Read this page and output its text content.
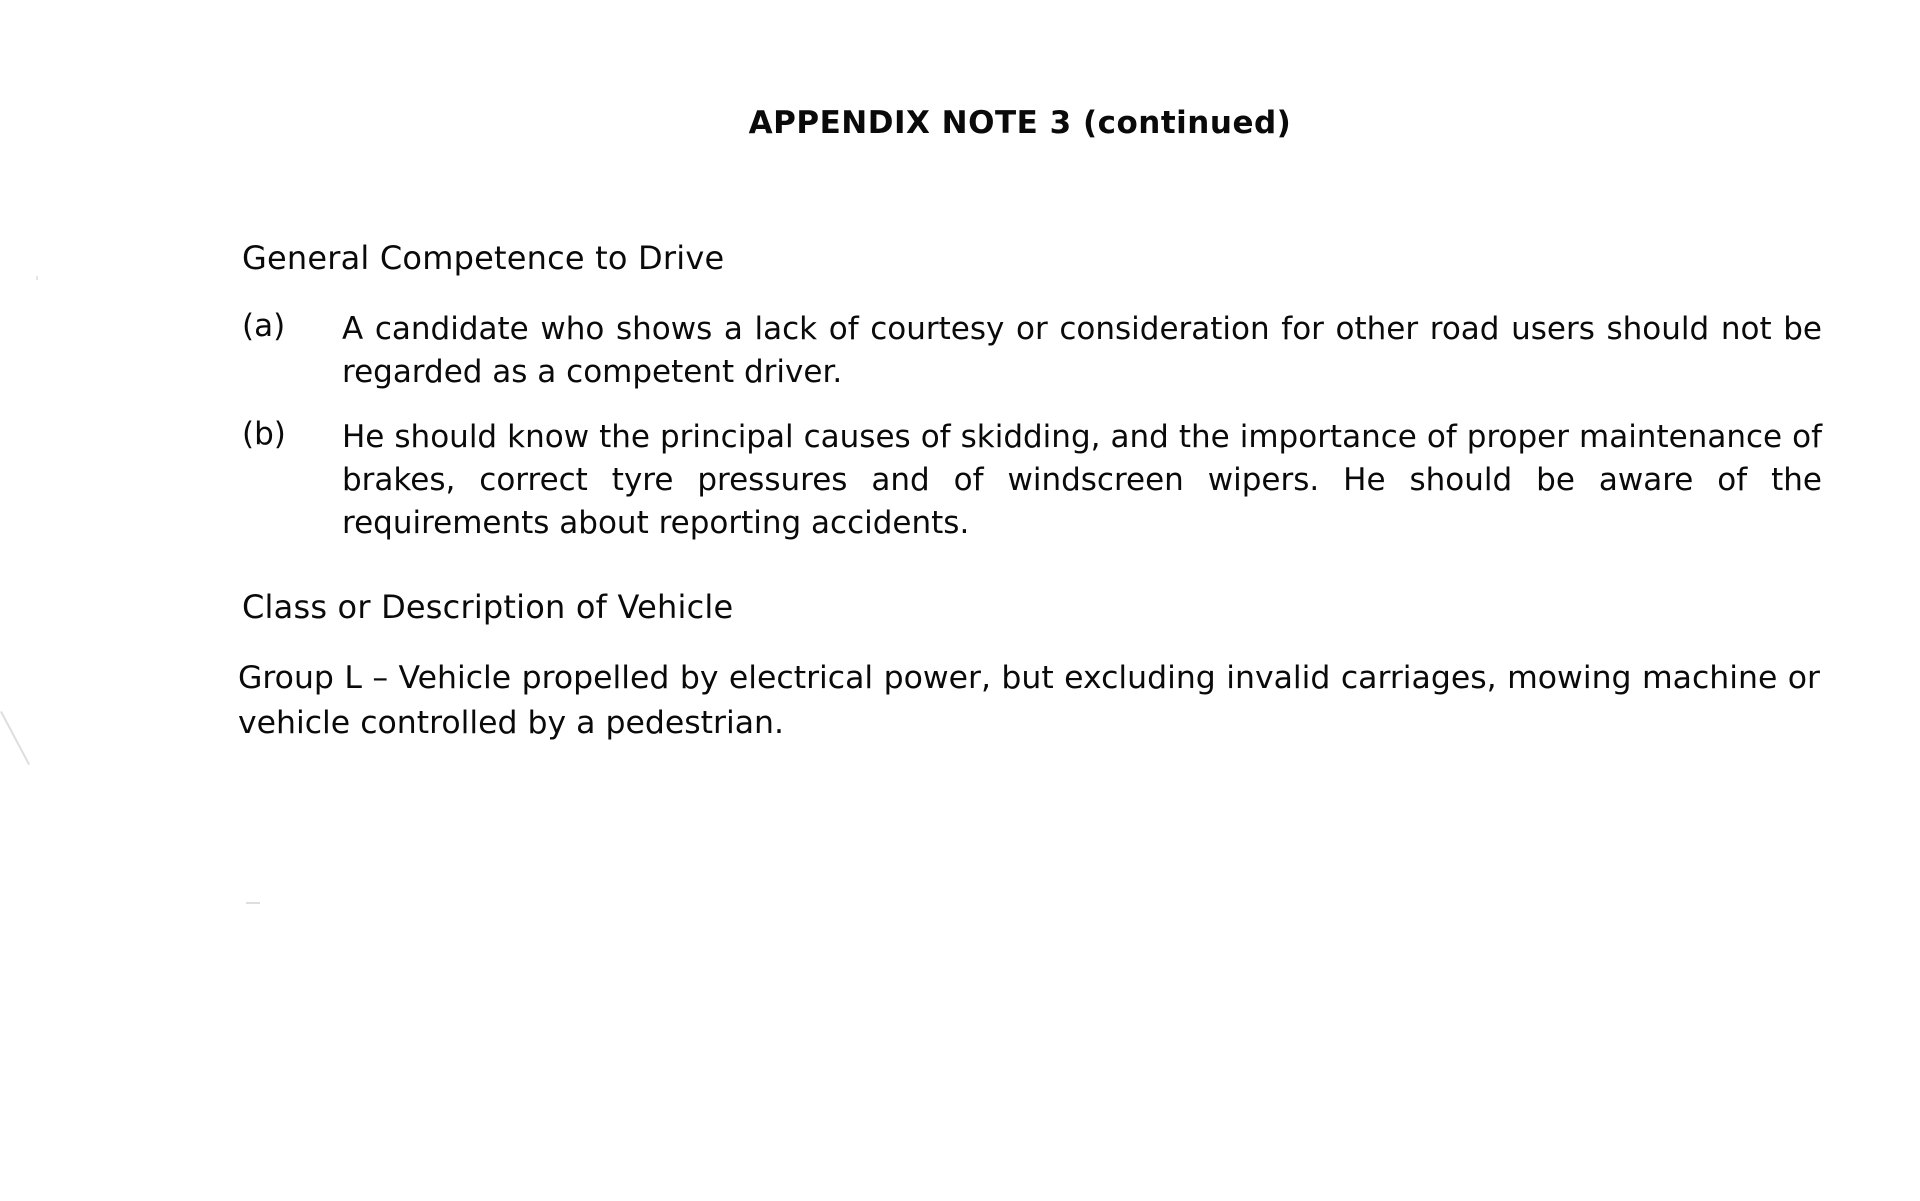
APPENDIX NOTE 3 (continued)
General Competence to Drive
(a) A candidate who shows a lack of courtesy or consideration for other road users should not be regarded as a competent driver.
(b) He should know the principal causes of skidding, and the importance of proper maintenance of brakes, correct tyre pressures and of windscreen wipers. He should be aware of the requirements about reporting accidents.
Class or Description of Vehicle
Group L – Vehicle propelled by electrical power, but excluding invalid carriages, mowing machine or vehicle controlled by a pedestrian.
